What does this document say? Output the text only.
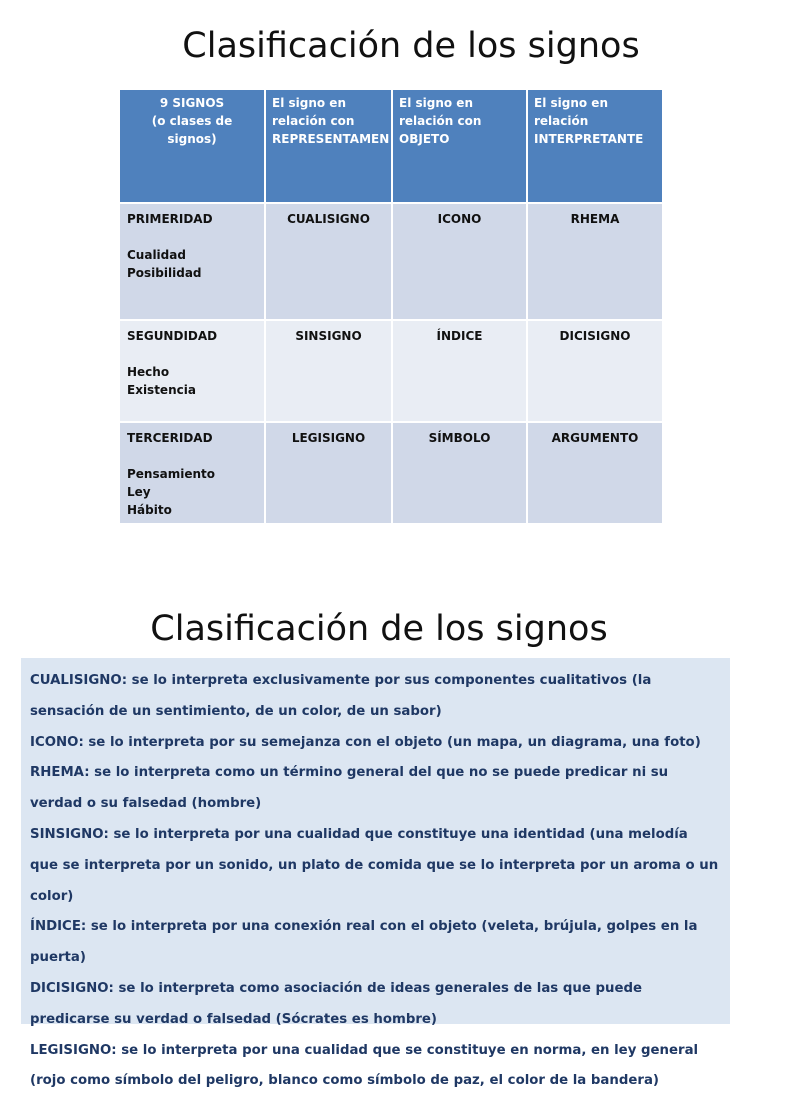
Clasificación de los signos
9 SIGNOS
(o clases de signos)	El signo en
relación con
REPRESENTAMEN	El signo en
relación con
OBJETO	El signo en
relación
INTERPRETANTE

PRIMERIDAD
Cualidad
Posibilidad	CUALISIGNO	ICONO	RHEMA

SEGUNDIDAD
Hecho
Existencia	SINSIGNO	ÍNDICE	DICISIGNO

TERCERIDAD
Pensamiento
Ley
Hábito	LEGISIGNO	SÍMBOLO	ARGUMENTO
Clasificación de los signos

CUALISIGNO: se lo interpreta exclusivamente por sus componentes cualitativos (la sensación de un sentimiento, de un color, de un sabor)

ICONO: se lo interpreta por su semejanza con el objeto (un mapa, un diagrama, una foto)

RHEMA: se lo interpreta como un término general del que no se puede predicar ni su verdad o su falsedad (hombre)

SINSIGNO: se lo interpreta por una cualidad que constituye una identidad (una melodía que se interpreta por un sonido, un plato de comida que se lo interpreta por un aroma o un color)

ÍNDICE: se lo interpreta por una conexión real con el objeto (veleta, brújula, golpes en la puerta)

DICISIGNO: se lo interpreta como asociación de ideas generales de las que puede predicarse su verdad o falsedad (Sócrates es hombre)

LEGISIGNO: se lo interpreta por una cualidad que se constituye en norma, en ley general (rojo como símbolo del peligro, blanco como símbolo de paz, el color de la bandera)
